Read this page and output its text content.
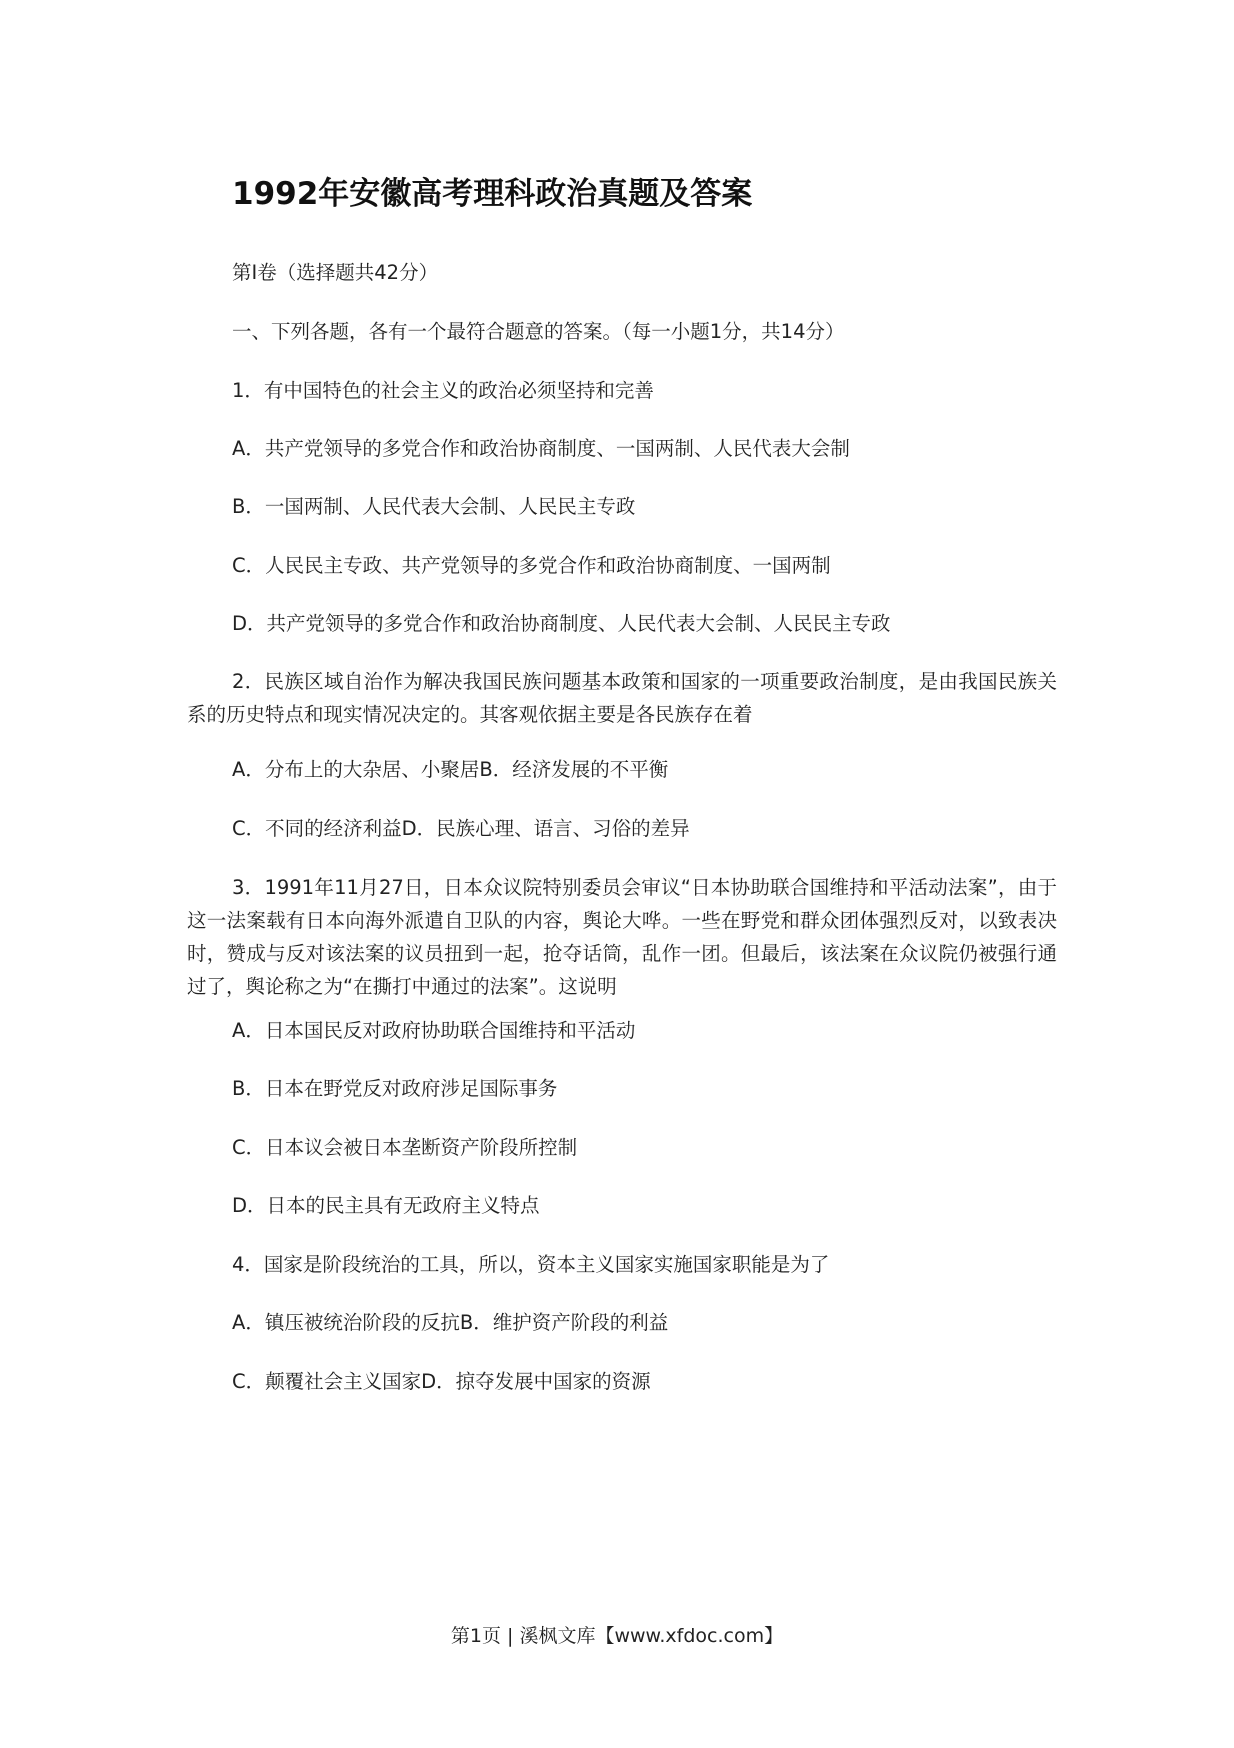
1992年安徽高考理科政治真题及答案
第Ⅰ卷（选择题共42分）
一、下列各题，各有一个最符合题意的答案。（每一小题1分，共14分）
1．有中国特色的社会主义的政治必须坚持和完善
A．共产党领导的多党合作和政治协商制度、一国两制、人民代表大会制
B．一国两制、人民代表大会制、人民民主专政
C．人民民主专政、共产党领导的多党合作和政治协商制度、一国两制
D．共产党领导的多党合作和政治协商制度、人民代表大会制、人民民主专政
2．民族区域自治作为解决我国民族问题基本政策和国家的一项重要政治制度，是由我国民族关系的历史特点和现实情况决定的。其客观依据主要是各民族存在着
A．分布上的大杂居、小聚居B．经济发展的不平衡
C．不同的经济利益D．民族心理、语言、习俗的差异
3．1991年11月27日，日本众议院特别委员会审议“日本协助联合国维持和平活动法案”，由于这一法案载有日本向海外派遣自卫队的内容，舆论大哗。一些在野党和群众团体强烈反对，以致表决时，赞成与反对该法案的议员扭到一起，抢夺话筒，乱作一团。但最后，该法案在众议院仍被强行通过了，舆论称之为“在撕打中通过的法案”。这说明
A．日本国民反对政府协助联合国维持和平活动
B．日本在野党反对政府涉足国际事务
C．日本议会被日本垄断资产阶段所控制
D．日本的民主具有无政府主义特点
4．国家是阶段统治的工具，所以，资本主义国家实施国家职能是为了
A．镇压被统治阶段的反抗B．维护资产阶段的利益
C．颠覆社会主义国家D．掠夺发展中国家的资源
第1页 | 溪枫文库【www.xfdoc.com】
